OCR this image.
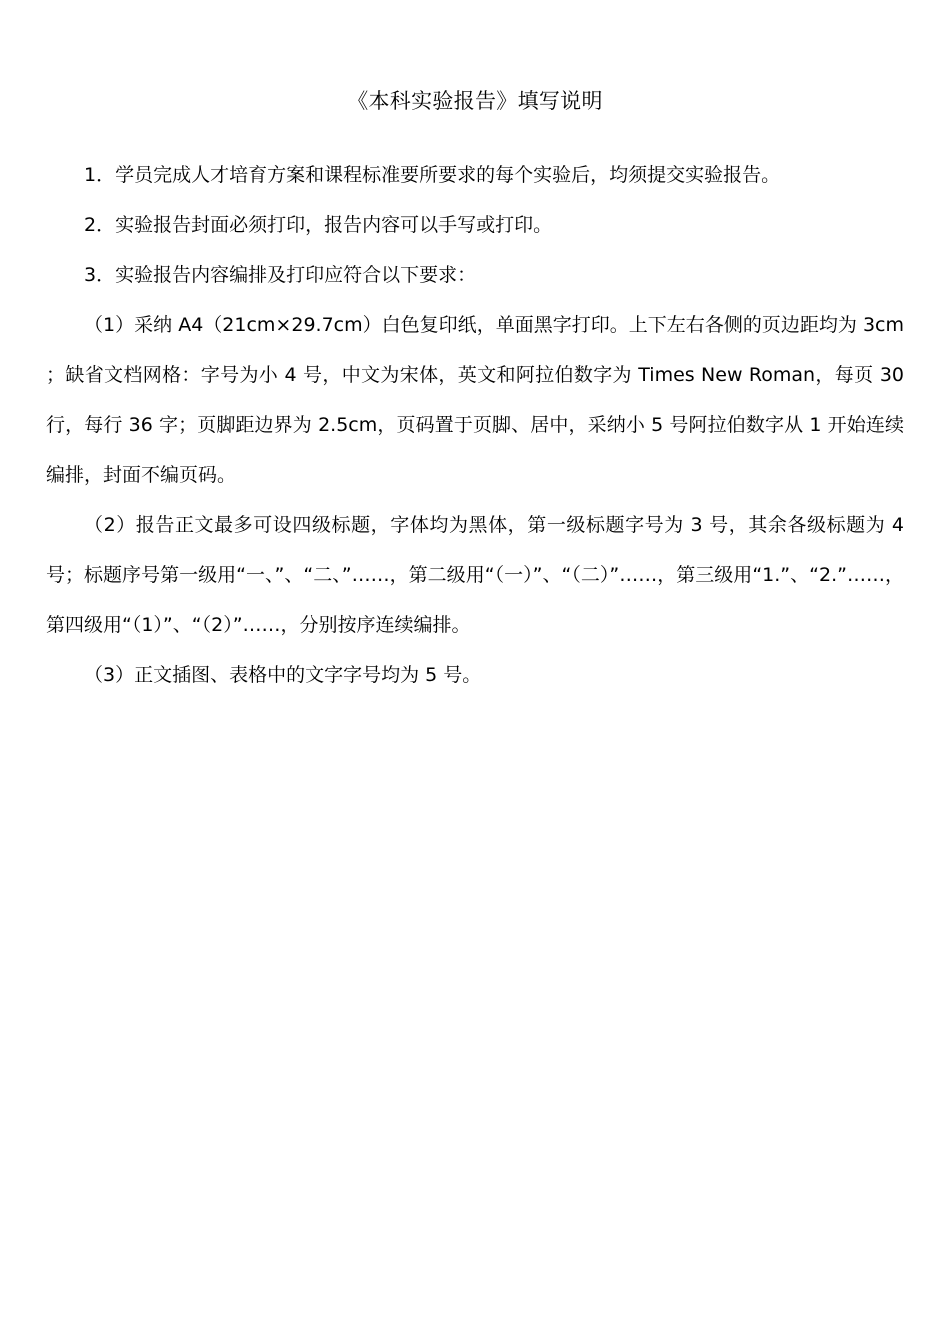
《本科实验报告》填写说明

1．学员完成人才培育方案和课程标准要所要求的每个实验后，均须提交实验报告。

2．实验报告封面必须打印，报告内容可以手写或打印。

3．实验报告内容编排及打印应符合以下要求：

（1）采纳 A4（21cm×29.7cm）白色复印纸，单面黑字打印。上下左右各侧的页边距均为 3cm；缺省文档网格：字号为小 4 号，中文为宋体，英文和阿拉伯数字为 Times New Roman，每页 30 行，每行 36 字；页脚距边界为 2.5cm，页码置于页脚、居中，采纳小 5 号阿拉伯数字从 1 开始连续编排，封面不编页码。

（2）报告正文最多可设四级标题，字体均为黑体，第一级标题字号为 3 号，其余各级标题为 4 号；标题序号第一级用“一、”、“二、”……，第二级用“（一）”、“（二）”……，第三级用“1.”、“2.”……，第四级用“（1）”、“（2）”……，分别按序连续编排。

（3）正文插图、表格中的文字字号均为 5 号。
